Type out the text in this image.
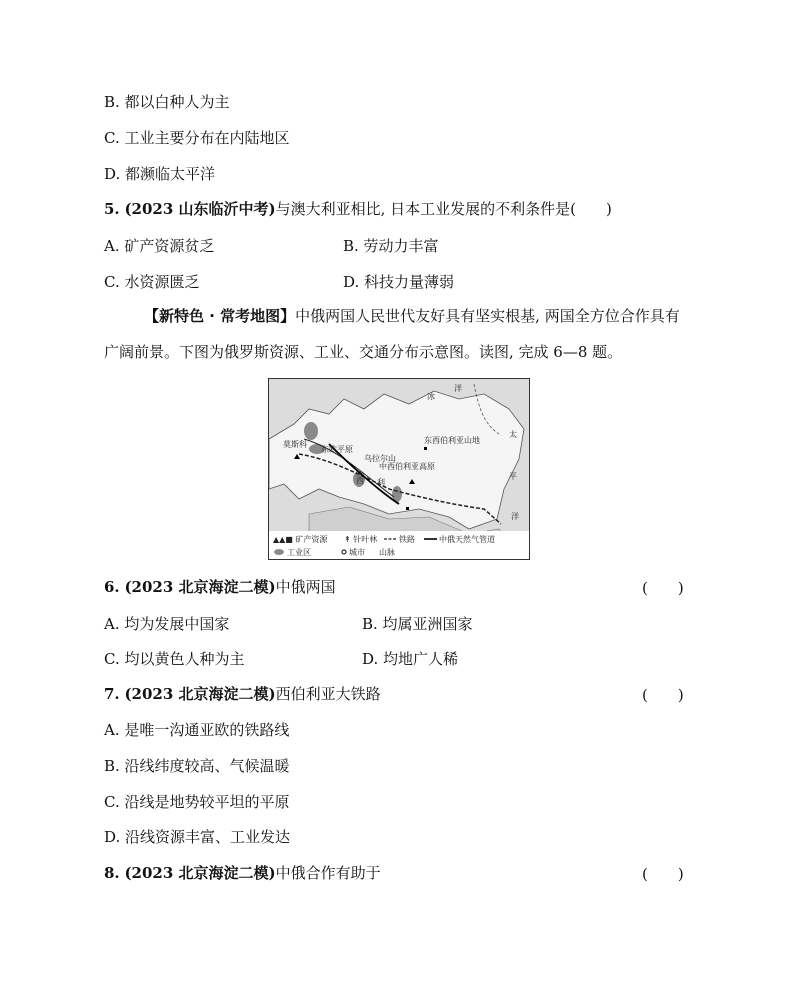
B. 都以白种人为主
C. 工业主要分布在内陆地区
D. 都濒临太平洋
5. (2023 山东临沂中考)与澳大利亚相比, 日本工业发展的不利条件是(　　)
A. 矿产资源贫乏	B. 劳动力丰富
C. 水资源匮乏	D. 科技力量薄弱
【新特色 · 常考地图】中俄两国人民世代友好具有坚实根基, 两国全方位合作具有广阔前景。下图为俄罗斯资源、工业、交通分布示意图。读图, 完成 6—8 题。
冰
洋
莫斯科
东欧平原
乌拉尔山
中西伯利亚高原
东西伯利亚山地
西 利
太
平
洋
▲▲■ 矿产资源 ↟ 针叶林	铁路	中俄天然气管道
工业区	城市 山脉
6. (2023 北京海淀二模)中俄两国	(　　)
A. 均为发展中国家	B. 均属亚洲国家
C. 均以黄色人种为主	D. 均地广人稀
7. (2023 北京海淀二模)西伯利亚大铁路	(　　)
A. 是唯一沟通亚欧的铁路线
B. 沿线纬度较高、气候温暖
C. 沿线是地势较平坦的平原
D. 沿线资源丰富、工业发达
8. (2023 北京海淀二模)中俄合作有助于	(　　)
